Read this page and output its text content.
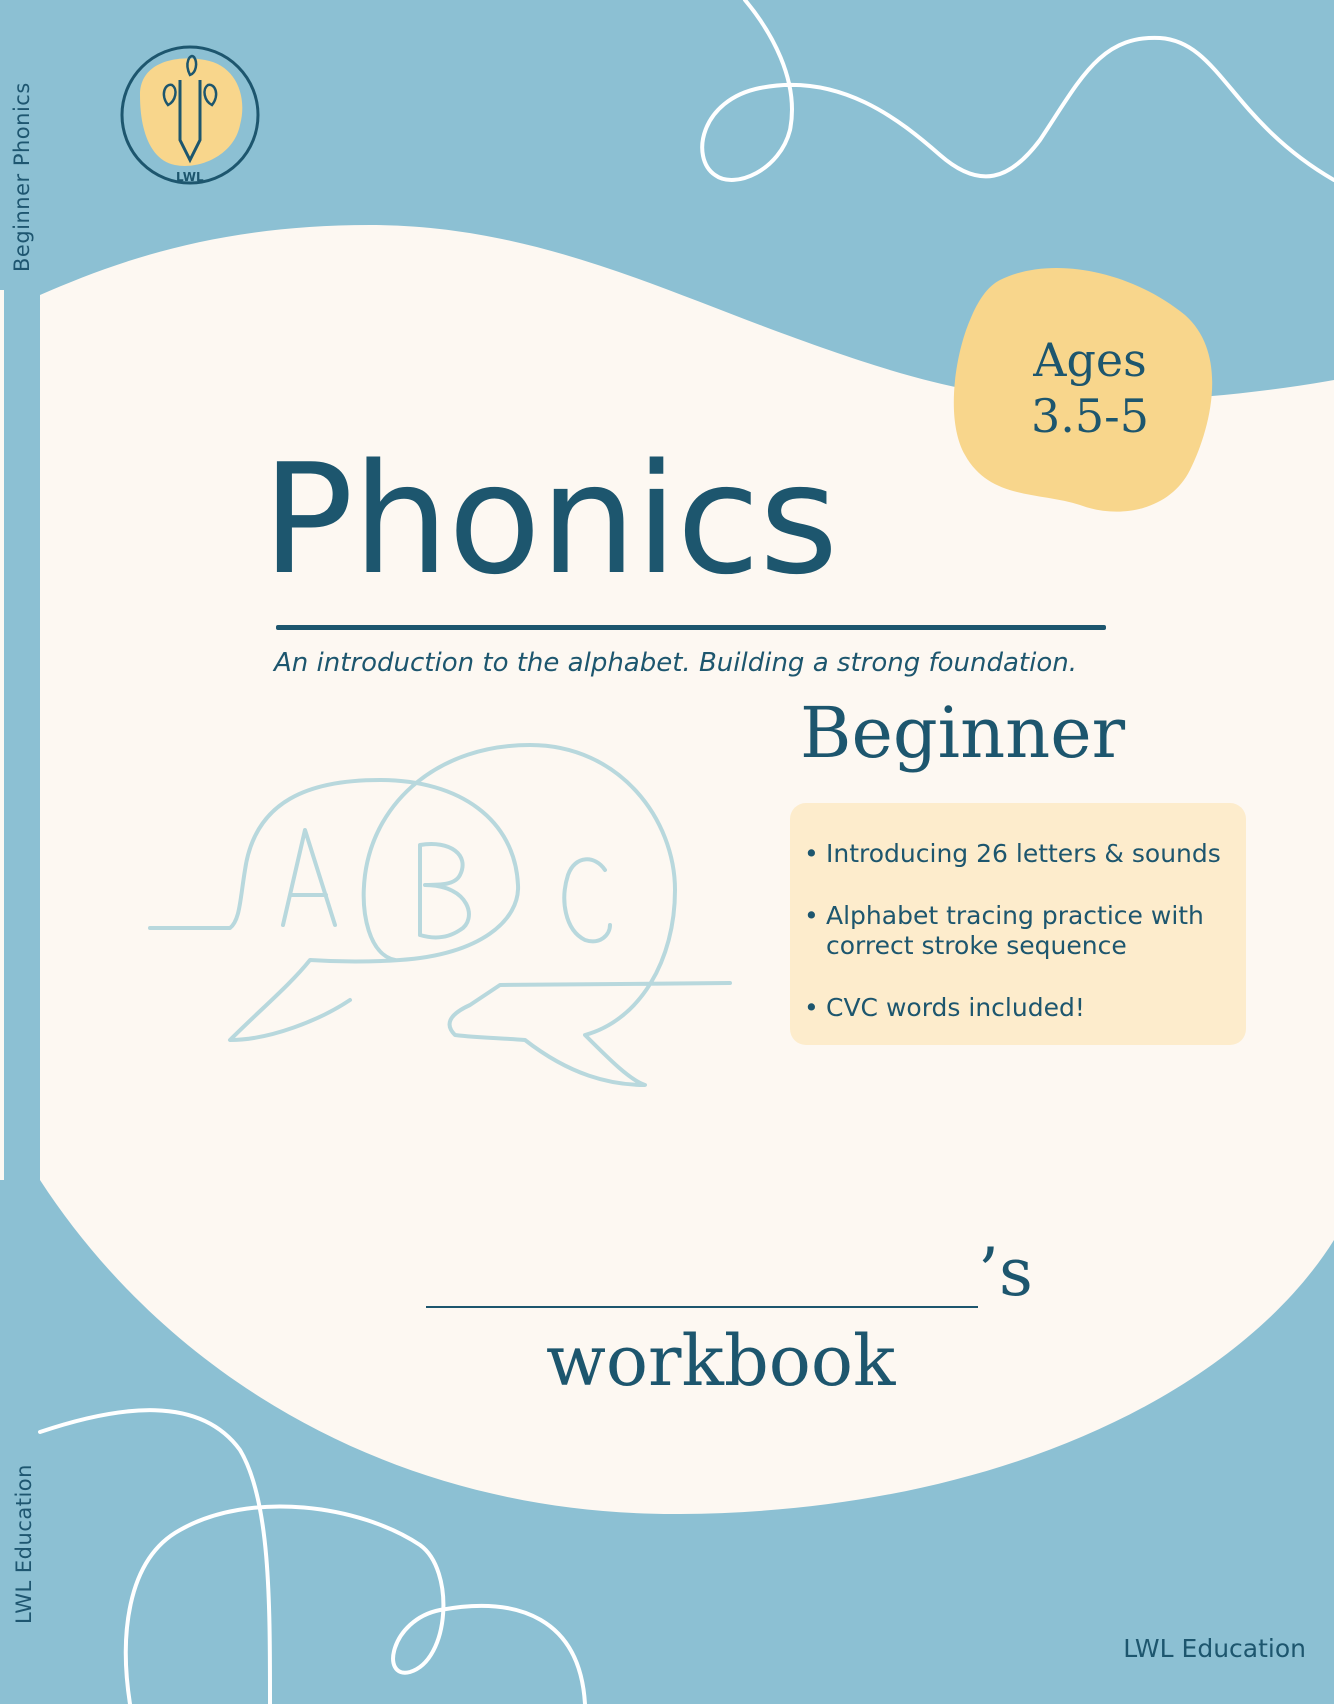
Beginner Phonics
LWL Education
LWL
Ages
3.5-5
Phonics
An introduction to the alphabet. Building a strong foundation.
Beginner
• Introducing 26 letters & sounds
• Alphabet tracing practice with
correct stroke sequence
• CVC words included!
’s
workbook
LWL Education
